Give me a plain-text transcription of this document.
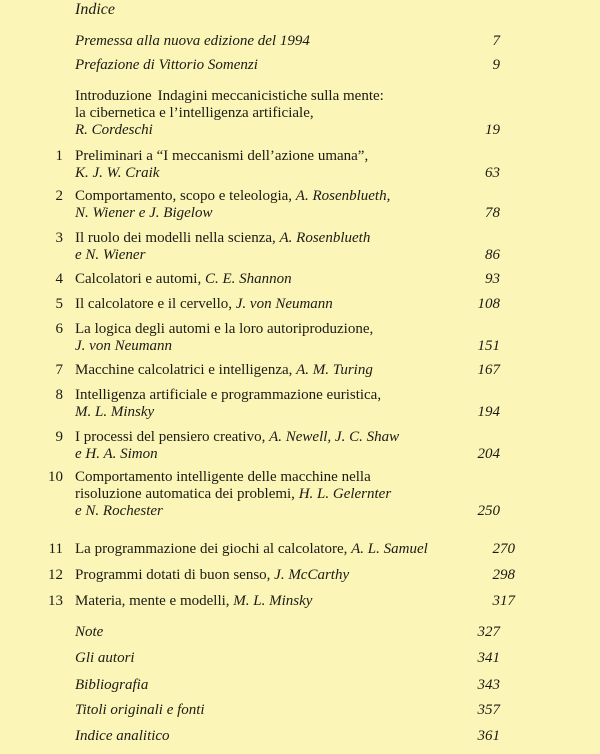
Indice
Premessa alla nuova edizione del 1994	7
Prefazione di Vittorio Somenzi	9
Introduzione Indagini meccanicistiche sulla mente:
la cibernetica e l’intelligenza artificiale,
R. Cordeschi	19
1 Preliminari a “I meccanismi dell’azione umana”,
K. J. W. Craik	63
2 Comportamento, scopo e teleologia, A. Rosenblueth,
N. Wiener e J. Bigelow	78
3 Il ruolo dei modelli nella scienza, A. Rosenblueth
e N. Wiener	86
4 Calcolatori e automi, C. E. Shannon	93
5 Il calcolatore e il cervello, J. von Neumann	108
6 La logica degli automi e la loro autoriproduzione,
J. von Neumann	151
7 Macchine calcolatrici e intelligenza, A. M. Turing	167
8 Intelligenza artificiale e programmazione euristica,
M. L. Minsky	194
9 I processi del pensiero creativo, A. Newell, J. C. Shaw
e H. A. Simon	204
10 Comportamento intelligente delle macchine nella
risoluzione automatica dei problemi, H. L. Gelernter
e N. Rochester	250
11 La programmazione dei giochi al calcolatore, A. L. Samuel	270
12 Programmi dotati di buon senso, J. McCarthy	298
13 Materia, mente e modelli, M. L. Minsky	317
Note	327
Gli autori	341
Bibliografia	343
Titoli originali e fonti	357
Indice analitico	361
